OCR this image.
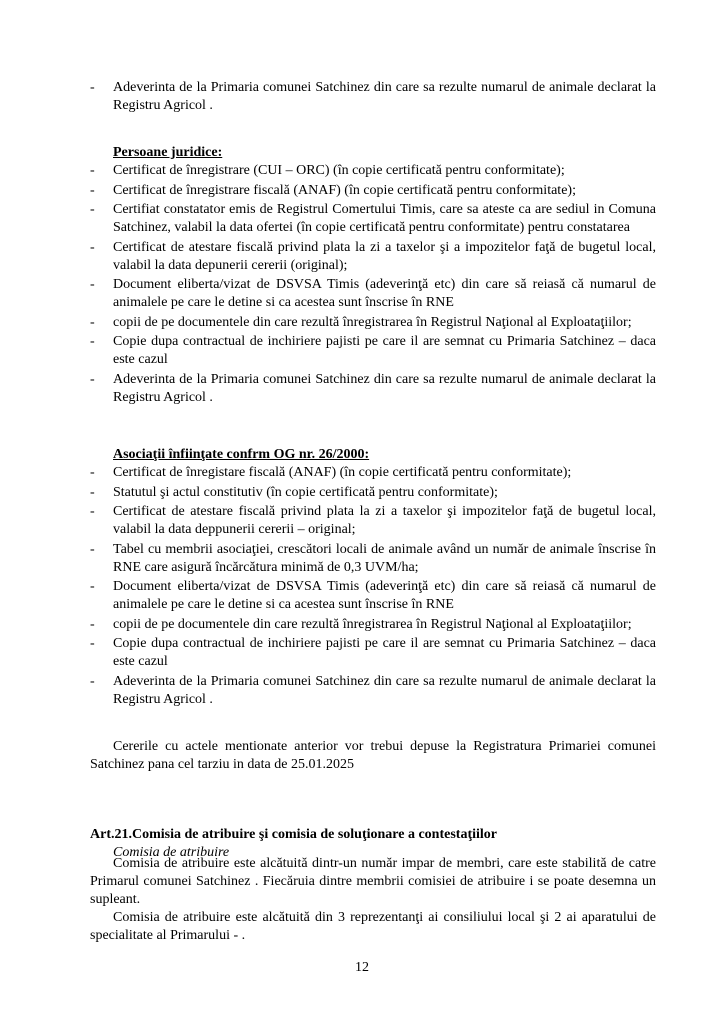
- Adeverinta de la Primaria comunei Satchinez din care sa rezulte numarul de animale declarat la Registru Agricol .
Persoane juridice:
- Certificat de înregistrare (CUI – ORC) (în copie certificată pentru conformitate);
- Certificat de înregistrare fiscală (ANAF) (în copie certificată pentru conformitate);
- Certifiat constatator emis de Registrul Comertului Timis, care sa ateste ca are sediul in Comuna Satchinez, valabil la data ofertei (în copie certificată pentru conformitate) pentru constatarea
- Certificat de atestare fiscală privind plata la zi a taxelor şi a impozitelor faţă de bugetul local, valabil la data depunerii cererii (original);
- Document eliberta/vizat de DSVSA Timis (adeverinţă etc) din care să reiasă că numarul de animalele pe care le detine si ca acestea sunt înscrise în RNE
- copii de pe documentele din care rezultă înregistrarea în Registrul Naţional al Exploataţiilor;
- Copie dupa contractual de inchiriere pajisti pe care il are semnat cu Primaria Satchinez – daca este cazul
- Adeverinta de la Primaria comunei Satchinez din care sa rezulte numarul de animale declarat la Registru Agricol .
Asociaţii înfiinţate confrm OG nr. 26/2000:
- Certificat de înregistare fiscală (ANAF) (în copie certificată pentru conformitate);
- Statutul şi actul constitutiv (în copie certificată pentru conformitate);
- Certificat de atestare fiscală privind plata la zi a taxelor şi impozitelor faţă de bugetul local, valabil la data deppunerii cererii – original;
- Tabel cu membrii asociaţiei, crescători locali de animale având un număr de animale înscrise în RNE care asigură încărcătura minimă de 0,3 UVM/ha;
- Document eliberta/vizat de DSVSA Timis (adeverinţă etc) din care să reiasă că numarul de animalele pe care le detine si ca acestea sunt înscrise în RNE
- copii de pe documentele din care rezultă înregistrarea în Registrul Naţional al Exploataţiilor;
- Copie dupa contractual de inchiriere pajisti pe care il are semnat cu Primaria Satchinez – daca este cazul
- Adeverinta de la Primaria comunei Satchinez din care sa rezulte numarul de animale declarat la Registru Agricol .

Cererile cu actele mentionate anterior vor trebui depuse la Registratura Primariei comunei Satchinez pana cel tarziu in data de 25.01.2025

Art.21.Comisia de atribuire şi comisia de soluţionare a contestaţiilor
Comisia de atribuire

Comisia de atribuire este alcătuită dintr-un număr impar de membri, care este stabilită de catre Primarul comunei Satchinez . Fiecăruia dintre membrii comisiei de atribuire i se poate desemna un supleant.

Comisia de atribuire este alcătuită din 3 reprezentanţi ai consiliului local şi 2 ai aparatului de specialitate al Primarului - .

12
